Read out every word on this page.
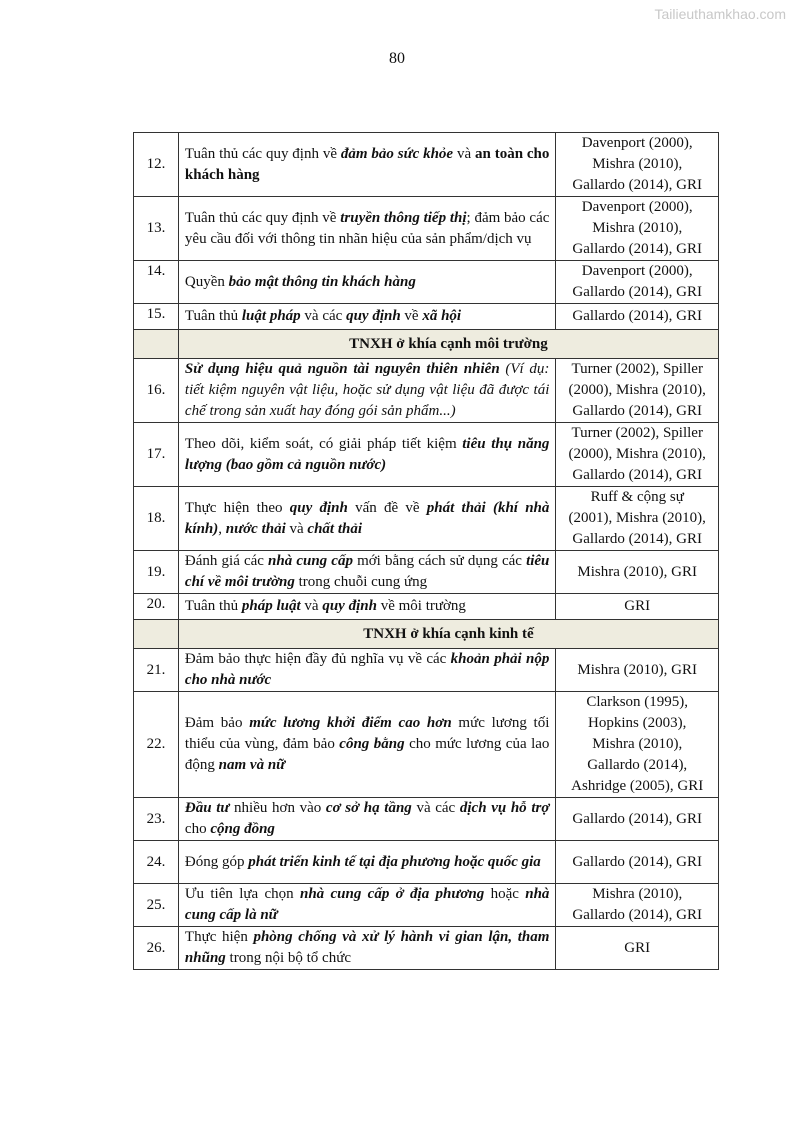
Tailieuthamkhao.com
80
12.	Tuân thủ các quy định về đảm bảo sức khỏe và an toàn cho khách hàng	Davenport (2000),
Mishra (2010),
Gallardo (2014), GRI

13.	Tuân thủ các quy định về truyền thông tiếp thị; đảm bảo các yêu cầu đối với thông tin nhãn hiệu của sản phẩm/dịch vụ	Davenport (2000),
Mishra (2010),
Gallardo (2014), GRI

14.	Quyền bảo mật thông tin khách hàng	Davenport (2000),
Gallardo (2014), GRI

15.	Tuân thủ luật pháp và các quy định về xã hội	Gallardo (2014), GRI

	TNXH ở khía cạnh môi trường	
16.	Sử dụng hiệu quả nguồn tài nguyên thiên nhiên (Ví dụ: tiết kiệm nguyên vật liệu, hoặc sử dụng vật liệu đã được tái chế trong sản xuất hay đóng gói sản phẩm...)	Turner (2002), Spiller
(2000), Mishra (2010),
Gallardo (2014), GRI

17.	Theo dõi, kiểm soát, có giải pháp tiết kiệm tiêu thụ năng lượng (bao gồm cả nguồn nước)	Turner (2002), Spiller
(2000), Mishra (2010),
Gallardo (2014), GRI

18.	Thực hiện theo quy định vấn đề về phát thải (khí nhà kính), nước thải và chất thải	Ruff & cộng sự
(2001), Mishra (2010),
Gallardo (2014), GRI

19.	Đánh giá các nhà cung cấp mới bằng cách sử dụng các tiêu chí về môi trường trong chuỗi cung ứng	Mishra (2010), GRI

20.	Tuân thủ pháp luật và quy định về môi trường	GRI

	TNXH ở khía cạnh kinh tế	
21.	Đảm bảo thực hiện đầy đủ nghĩa vụ về các khoản phải nộp cho nhà nước	Mishra (2010), GRI

22.	Đảm bảo mức lương khởi điểm cao hơn mức lương tối thiểu của vùng, đảm bảo công bằng cho mức lương của lao động nam và nữ	Clarkson (1995),
Hopkins (2003),
Mishra (2010),
Gallardo (2014),
Ashridge (2005), GRI

23.	Đầu tư nhiều hơn vào cơ sở hạ tầng và các dịch vụ hỗ trợ cho cộng đồng	Gallardo (2014), GRI

24.	Đóng góp phát triển kinh tế tại địa phương hoặc quốc gia	Gallardo (2014), GRI

25.	Ưu tiên lựa chọn nhà cung cấp ở địa phương hoặc nhà cung cấp là nữ	Mishra (2010),
Gallardo (2014), GRI

26.	Thực hiện phòng chống và xử lý hành vi gian lận, tham nhũng trong nội bộ tổ chức	GRI
